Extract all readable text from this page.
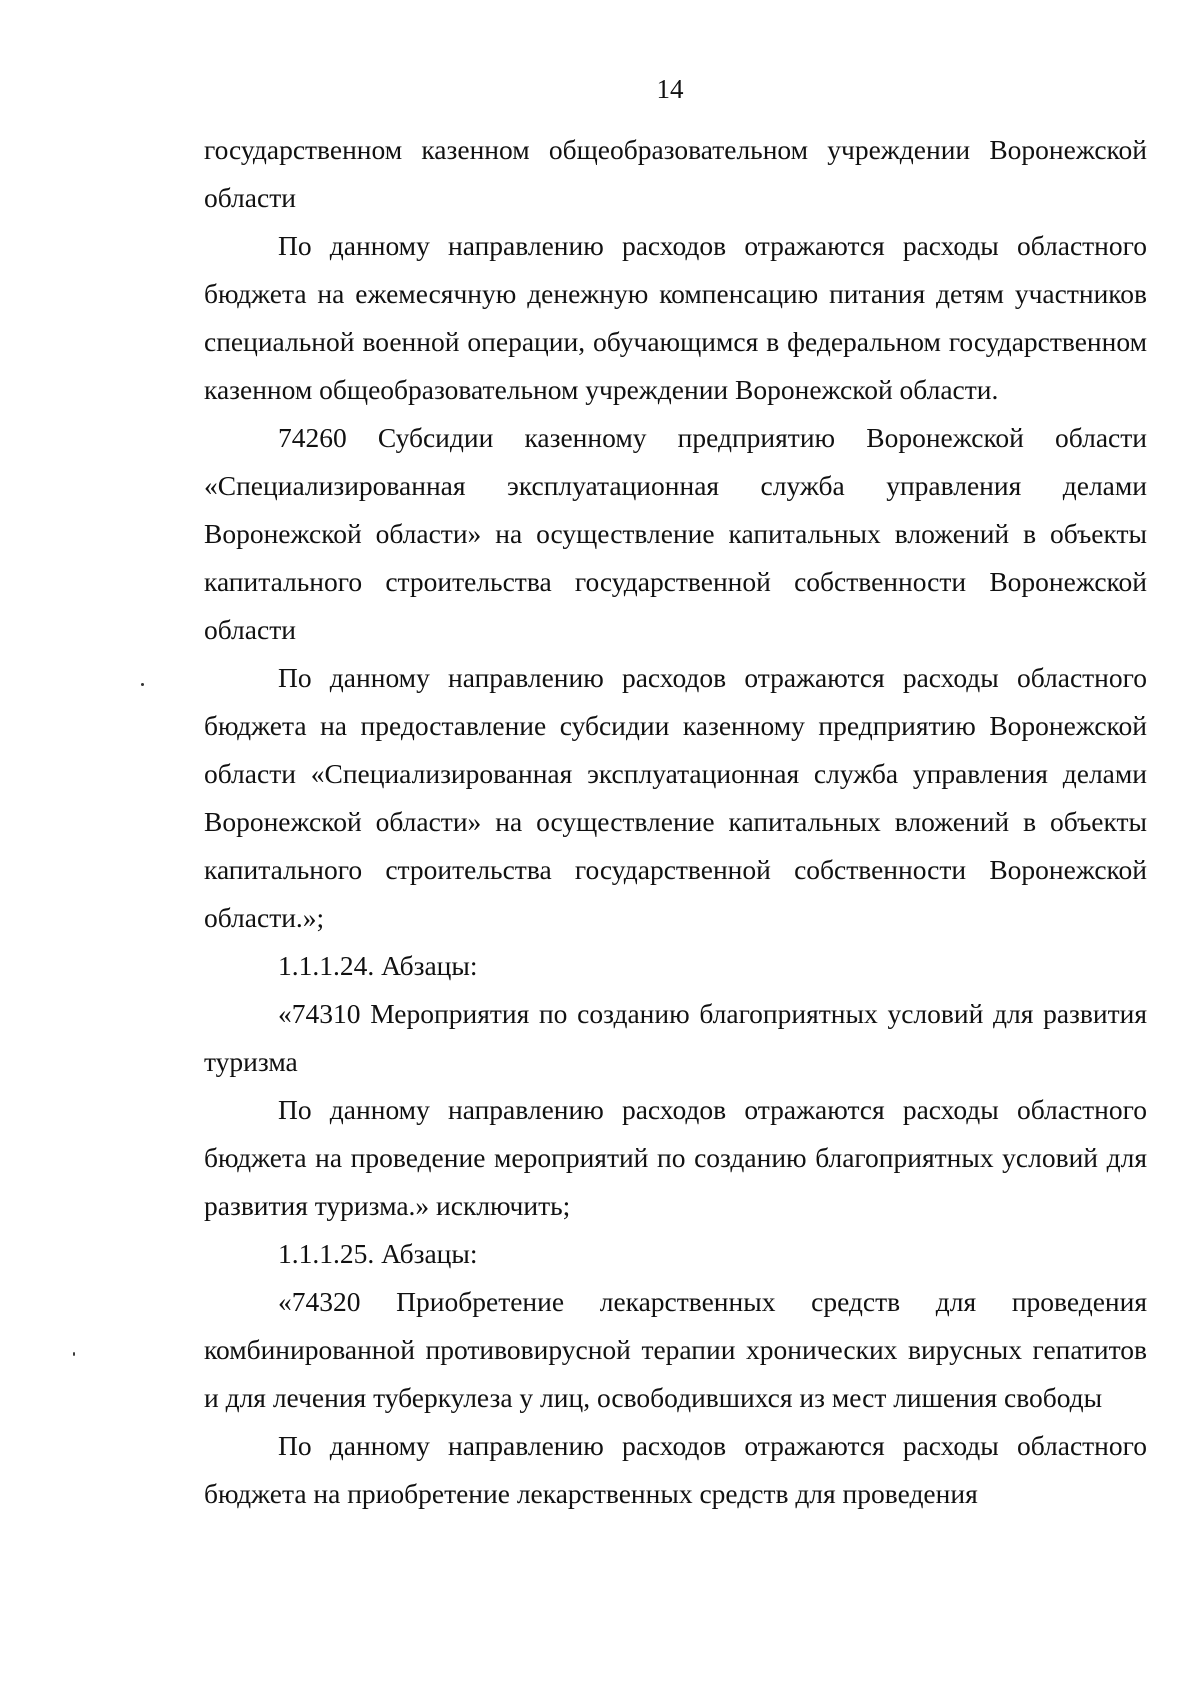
14

государственном казенном общеобразовательном учреждении Воронежской области

По данному направлению расходов отражаются расходы областного бюджета на ежемесячную денежную компенсацию питания детям участников специальной военной операции, обучающимся в федеральном государственном казенном общеобразовательном учреждении Воронежской области.

74260 Субсидии казенному предприятию Воронежской области «Специализированная эксплуатационная служба управления делами Воронежской области» на осуществление капитальных вложений в объекты капитального строительства государственной собственности Воронежской области

По данному направлению расходов отражаются расходы областного бюджета на предоставление субсидии казенному предприятию Воронежской области «Специализированная эксплуатационная служба управления делами Воронежской области» на осуществление капитальных вложений в объекты капитального строительства государственной собственности Воронежской области.»;

1.1.1.24. Абзацы:

«74310 Мероприятия по созданию благоприятных условий для развития туризма

По данному направлению расходов отражаются расходы областного бюджета на проведение мероприятий по созданию благоприятных условий для развития туризма.» исключить;

1.1.1.25. Абзацы:

«74320 Приобретение лекарственных средств для проведения комбинированной противовирусной терапии хронических вирусных гепатитов и для лечения туберкулеза у лиц, освободившихся из мест лишения свободы

По данному направлению расходов отражаются расходы областного бюджета на приобретение лекарственных средств для проведения
